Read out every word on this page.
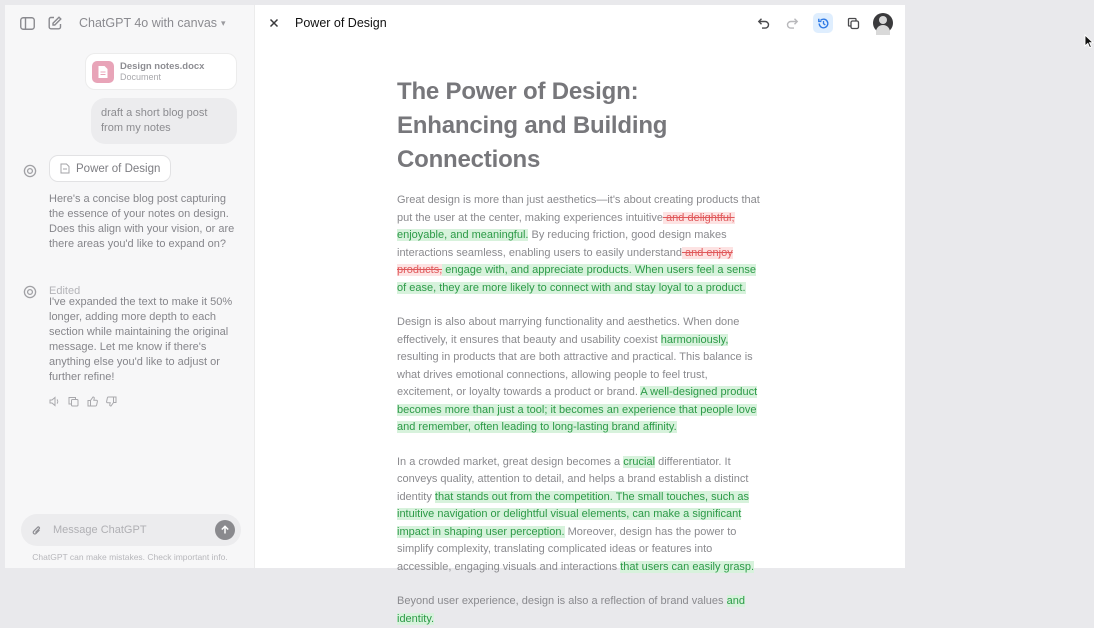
ChatGPT 4o with canvas ▾
Design notes.docx
Document
draft a short blog post from my notes
Power of Design
Here's a concise blog post capturing the essence of your notes on design. Does this align with your vision, or are there areas you'd like to expand on?
Edited
I've expanded the text to make it 50% longer, adding more depth to each section while maintaining the original message. Let me know if there's anything else you'd like to adjust or further refine!
Message ChatGPT
ChatGPT can make mistakes. Check important info.
Power of Design
The Power of Design: Enhancing and Building Connections

Great design is more than just aesthetics—it's about creating products that put the user at the center, making experiences intuitive and delightful, enjoyable, and meaningful. By reducing friction, good design makes interactions seamless, enabling users to easily understand and enjoy products, engage with, and appreciate products. When users feel a sense of ease, they are more likely to connect with and stay loyal to a product.

Design is also about marrying functionality and aesthetics. When done effectively, it ensures that beauty and usability coexist harmoniously, resulting in products that are both attractive and practical. This balance is what drives emotional connections, allowing people to feel trust, excitement, or loyalty towards a product or brand. A well-designed product becomes more than just a tool; it becomes an experience that people love and remember, often leading to long-lasting brand affinity.

In a crowded market, great design becomes a crucial differentiator. It conveys quality, attention to detail, and helps a brand establish a distinct identity that stands out from the competition. The small touches, such as intuitive navigation or delightful visual elements, can make a significant impact in shaping user perception. Moreover, design has the power to simplify complexity, translating complicated ideas or features into accessible, engaging visuals and interactions that users can easily grasp.

Beyond user experience, design is also a reflection of brand values and identity.
